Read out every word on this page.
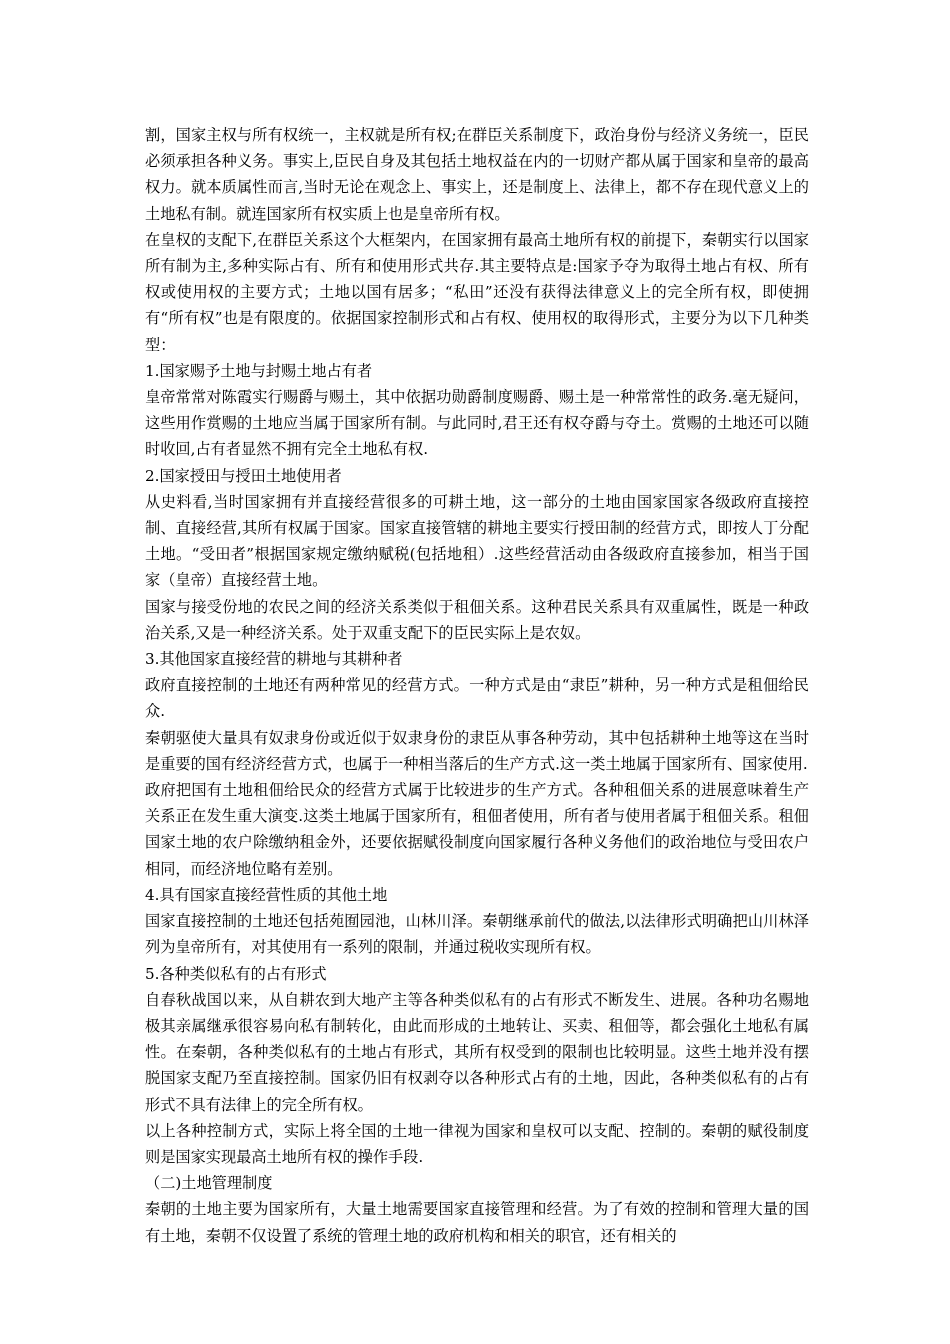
割，国家主权与所有权统一，主权就是所有权;在群臣关系制度下，政治身份与经济义务统一，臣民必须承担各种义务。事实上,臣民自身及其包括土地权益在内的一切财产都从属于国家和皇帝的最高权力。就本质属性而言,当时无论在观念上、事实上，还是制度上、法律上，都不存在现代意义上的土地私有制。就连国家所有权实质上也是皇帝所有权。

在皇权的支配下,在群臣关系这个大框架内，在国家拥有最高土地所有权的前提下，秦朝实行以国家所有制为主,多种实际占有、所有和使用形式共存.其主要特点是:国家予夺为取得土地占有权、所有权或使用权的主要方式；土地以国有居多；“私田”还没有获得法律意义上的完全所有权，即使拥有“所有权”也是有限度的。依据国家控制形式和占有权、使用权的取得形式，主要分为以下几种类型：

1.国家赐予土地与封赐土地占有者

皇帝常常对陈霞实行赐爵与赐土，其中依据功勋爵制度赐爵、赐土是一种常常性的政务.毫无疑问，这些用作赏赐的土地应当属于国家所有制。与此同时,君王还有权夺爵与夺土。赏赐的土地还可以随时收回,占有者显然不拥有完全土地私有权.

2.国家授田与授田土地使用者

从史料看,当时国家拥有并直接经营很多的可耕土地，这一部分的土地由国家国家各级政府直接控制、直接经营,其所有权属于国家。国家直接管辖的耕地主要实行授田制的经营方式，即按人丁分配土地。“受田者”根据国家规定缴纳赋税(包括地租）.这些经营活动由各级政府直接参加，相当于国家（皇帝）直接经营土地。

国家与接受份地的农民之间的经济关系类似于租佃关系。这种君民关系具有双重属性，既是一种政治关系,又是一种经济关系。处于双重支配下的臣民实际上是农奴。

3.其他国家直接经营的耕地与其耕种者

政府直接控制的土地还有两种常见的经营方式。一种方式是由“隶臣”耕种，另一种方式是租佃给民众.

秦朝驱使大量具有奴隶身份或近似于奴隶身份的隶臣从事各种劳动，其中包括耕种土地等这在当时是重要的国有经济经营方式，也属于一种相当落后的生产方式.这一类土地属于国家所有、国家使用.

政府把国有土地租佃给民众的经营方式属于比较进步的生产方式。各种租佃关系的进展意味着生产关系正在发生重大演变.这类土地属于国家所有，租佃者使用，所有者与使用者属于租佃关系。租佃国家土地的农户除缴纳租金外，还要依据赋役制度向国家履行各种义务他们的政治地位与受田农户相同，而经济地位略有差别。

4.具有国家直接经营性质的其他土地

国家直接控制的土地还包括苑囿园池，山林川泽。秦朝继承前代的做法,以法律形式明确把山川林泽列为皇帝所有，对其使用有一系列的限制，并通过税收实现所有权。

5.各种类似私有的占有形式

自春秋战国以来，从自耕农到大地产主等各种类似私有的占有形式不断发生、进展。各种功名赐地极其亲属继承很容易向私有制转化，由此而形成的土地转让、买卖、租佃等，都会强化土地私有属性。在秦朝，各种类似私有的土地占有形式，其所有权受到的限制也比较明显。这些土地并没有摆脱国家支配乃至直接控制。国家仍旧有权剥夺以各种形式占有的土地，因此，各种类似私有的占有形式不具有法律上的完全所有权。

以上各种控制方式，实际上将全国的土地一律视为国家和皇权可以支配、控制的。秦朝的赋役制度则是国家实现最高土地所有权的操作手段.

（二)土地管理制度

秦朝的土地主要为国家所有，大量土地需要国家直接管理和经营。为了有效的控制和管理大量的国有土地，秦朝不仅设置了系统的管理土地的政府机构和相关的职官，还有相关的
